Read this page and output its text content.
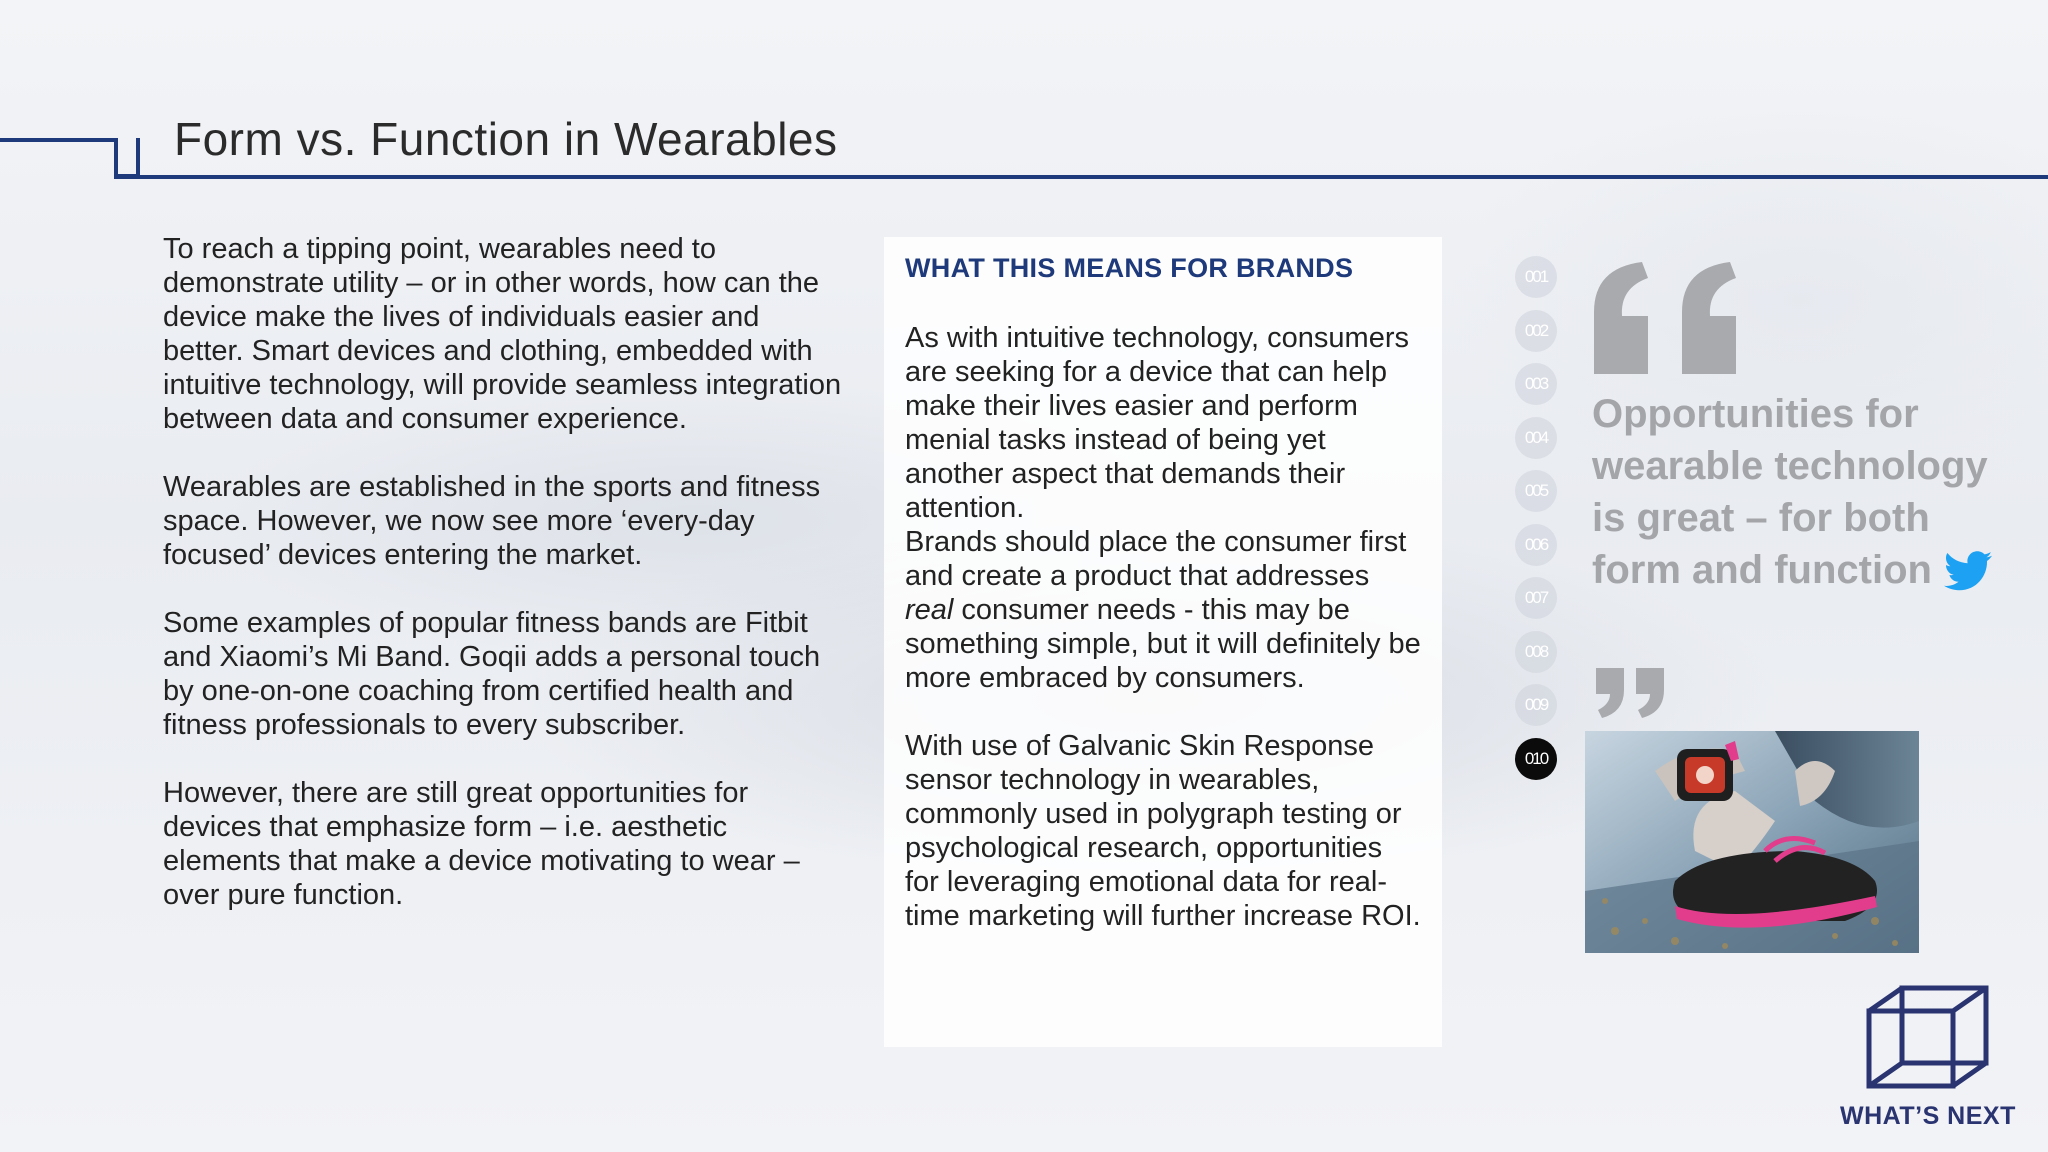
Form vs. Function in Wearables

To reach a tipping point, wearables need to demonstrate utility – or in other words, how can the device make the lives of individuals easier and better. Smart devices and clothing, embedded with intuitive technology, will provide seamless integration between data and consumer experience.

Wearables are established in the sports and fitness space. However, we now see more ‘every-day focused’ devices entering the market.

Some examples of popular fitness bands are Fitbit and Xiaomi’s Mi Band. Goqii adds a personal touch by one-on-one coaching from certified health and fitness professionals to every subscriber.

However, there are still great opportunities for devices that emphasize form – i.e. aesthetic elements that make a device motivating to wear – over pure function.

WHAT THIS MEANS FOR BRANDS

As with intuitive technology, consumers are seeking for a device that can help make their lives easier and perform menial tasks instead of being yet another aspect that demands their attention.

Brands should place the consumer first and create a product that addresses real consumer needs - this may be something simple, but it will definitely be more embraced by consumers.

With use of Galvanic Skin Response sensor technology in wearables, commonly used in polygraph testing or psychological research, opportunities for leveraging emotional data for real-time marketing will further increase ROI.

001
002
003
004
005
006
007
008
009
010

Opportunities for wearable technology is great – for both form and function

WHAT’S NEXT
